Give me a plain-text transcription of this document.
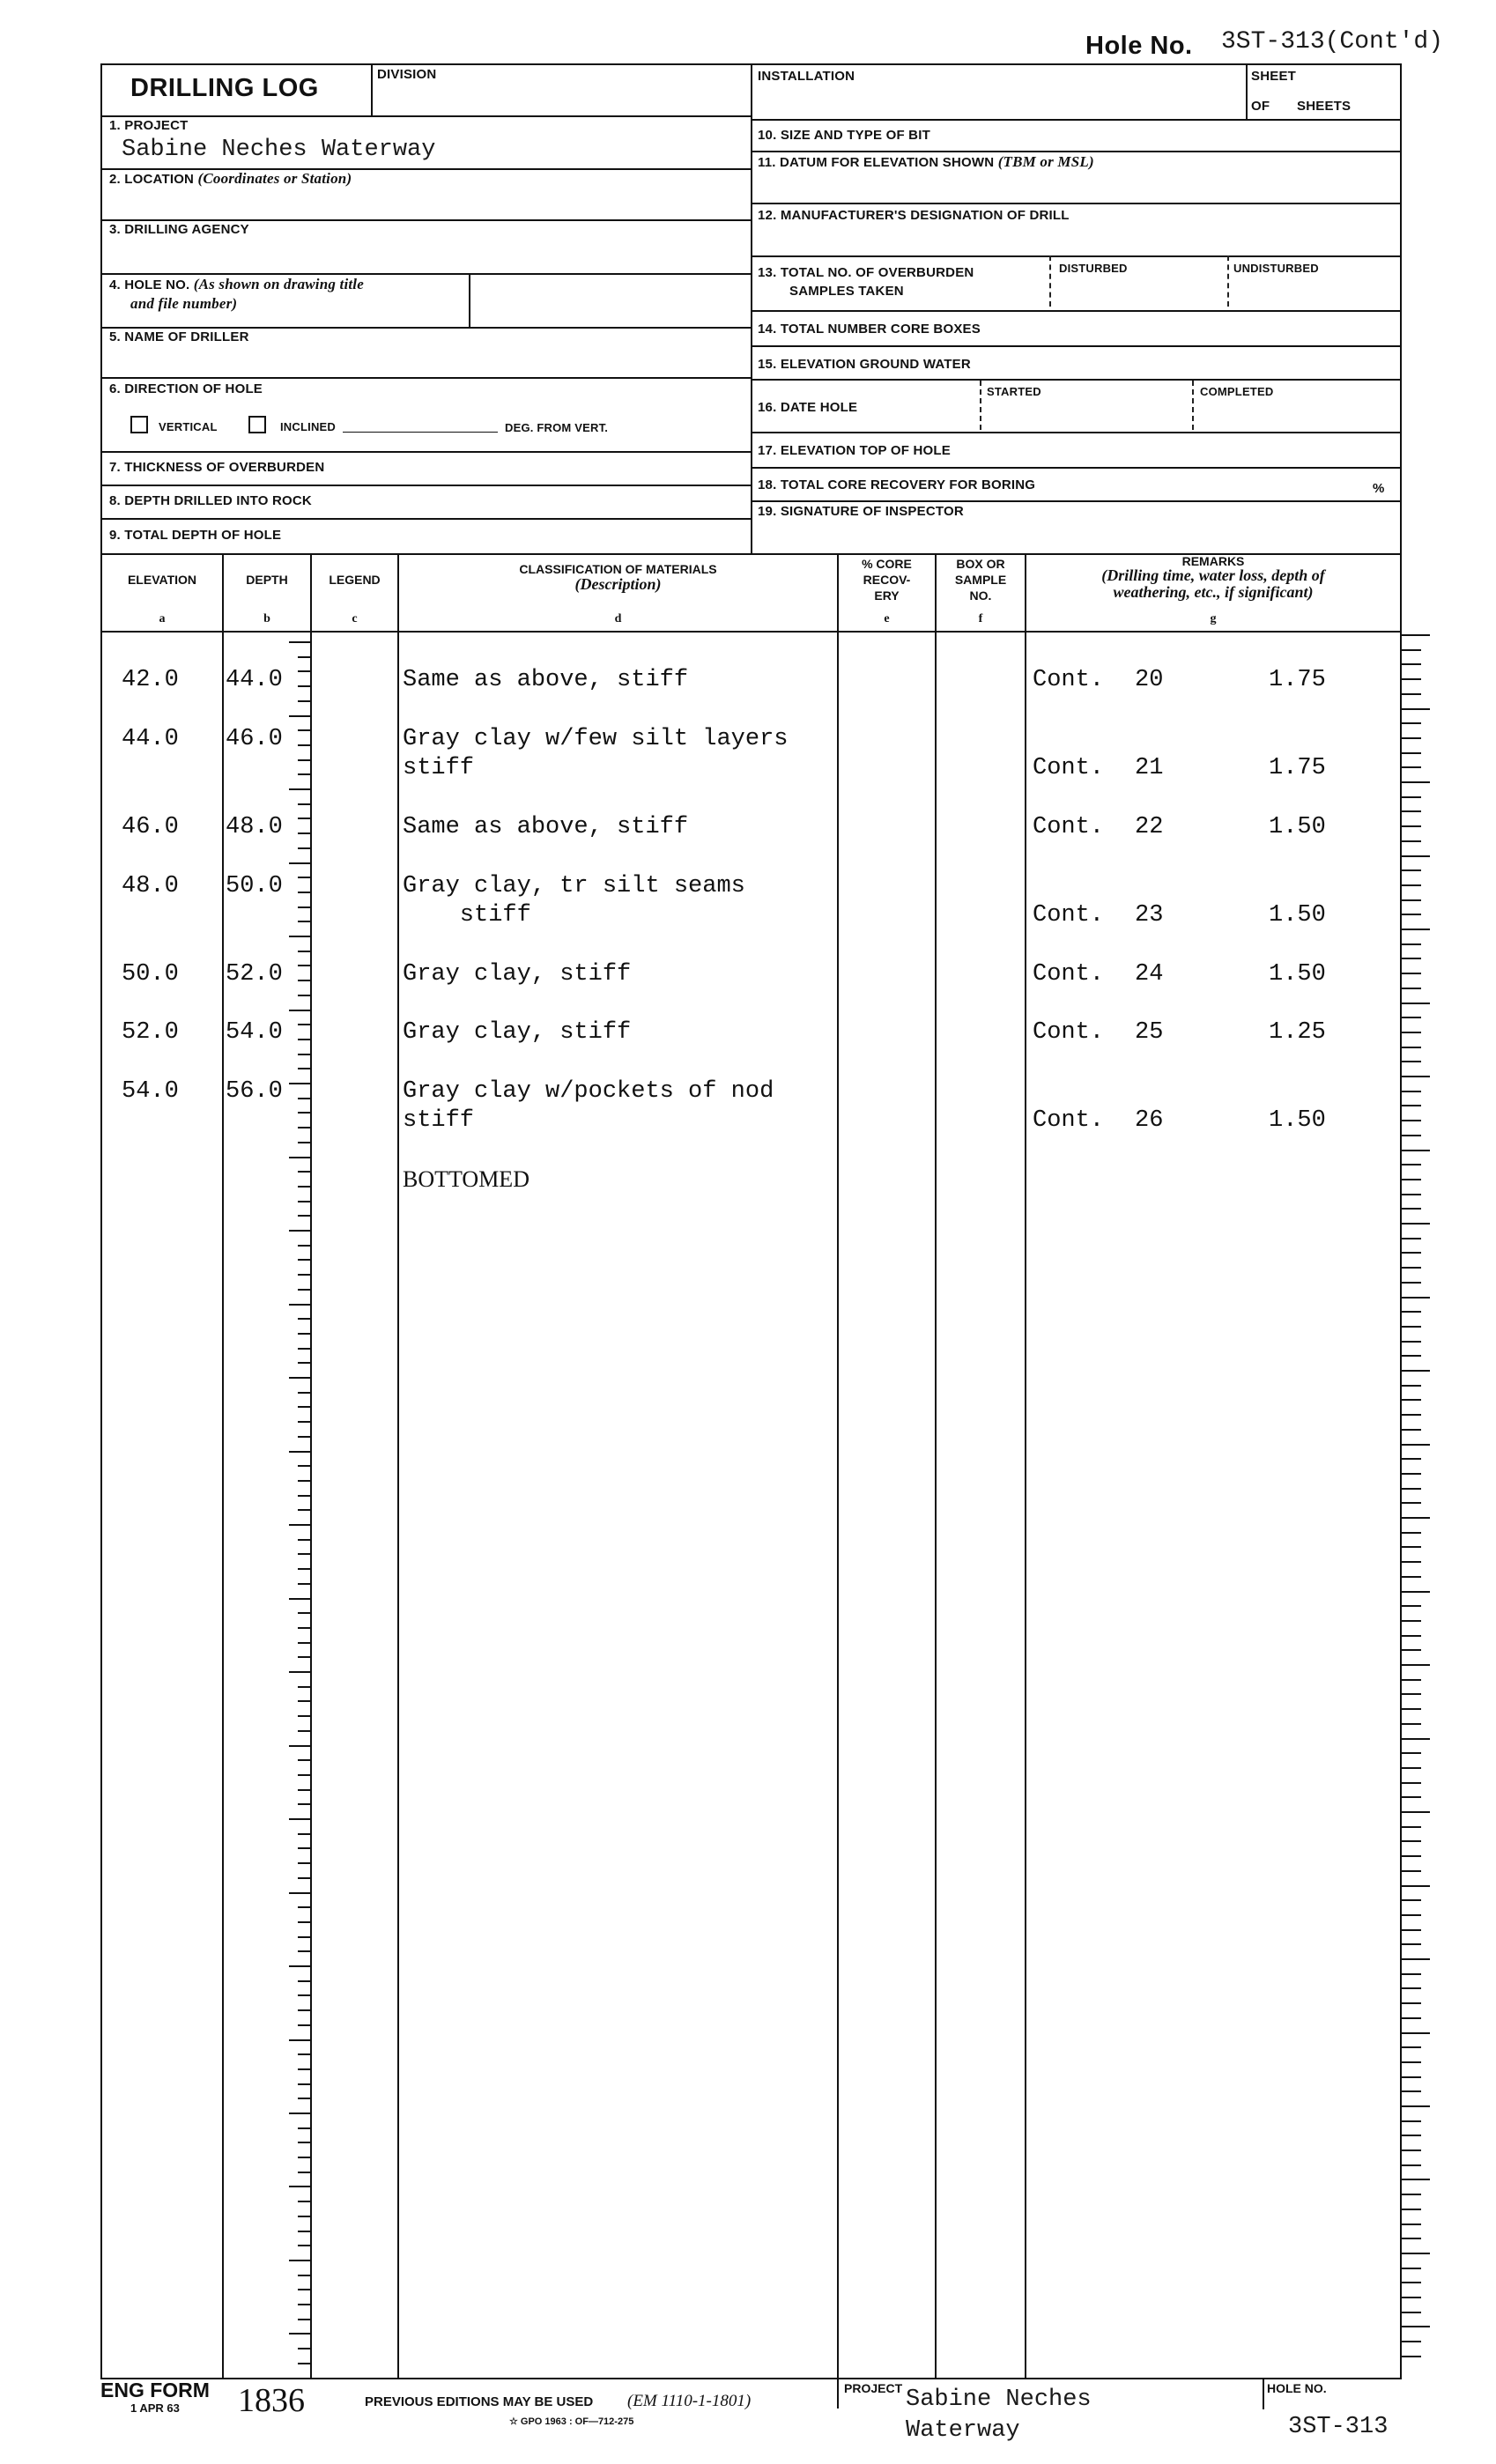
Hole No. 3ST-313(Cont'd)
DRILLING LOG	DIVISION	INSTALLATION	SHEET
OF SHEETS
1. PROJECT
Sabine Neches Waterway
2. LOCATION (Coordinates or Station)
3. DRILLING AGENCY
4. HOLE NO. (As shown on drawing title
and file number)
5. NAME OF DRILLER
6. DIRECTION OF HOLE
VERTICAL	INCLINED	DEG. FROM VERT.
7. THICKNESS OF OVERBURDEN
8. DEPTH DRILLED INTO ROCK
9. TOTAL DEPTH OF HOLE
10. SIZE AND TYPE OF BIT
11. DATUM FOR ELEVATION SHOWN (TBM or MSL)
12. MANUFACTURER'S DESIGNATION OF DRILL
13. TOTAL NO. OF OVERBURDEN
SAMPLES TAKEN
DISTURBED	UNDISTURBED
14. TOTAL NUMBER CORE BOXES
15. ELEVATION GROUND WATER
16. DATE HOLE
STARTED	COMPLETED
17. ELEVATION TOP OF HOLE
18. TOTAL CORE RECOVERY FOR BORING	%
19. SIGNATURE OF INSPECTOR
ELEVATION	DEPTH	LEGEND
CLASSIFICATION OF MATERIALS
(Description)
% CORE
RECOV-
ERY
BOX OR
SAMPLE
NO.
REMARKS
(Drilling time, water loss, depth of
weathering, etc., if significant)
a	b	c	d	e	f	g
42.0 44.0	Same as above, stiff	Cont. 20	1.75
44.0 46.0	Gray clay w/few silt layers
stiff	Cont. 21	1.75
46.0 48.0	Same as above, stiff	Cont. 22	1.50
48.0 50.0	Gray clay, tr silt seams
stiff	Cont. 23	1.50
50.0 52.0	Gray clay, stiff	Cont. 24	1.50
52.0 54.0	Gray clay, stiff	Cont. 25	1.25
54.0 56.0	Gray clay w/pockets of nod
stiff	Cont. 26	1.50
BOTTOMED
ENG FORM
1 APR 63 1836	PREVIOUS EDITIONS MAY BE USED (EM 1110-1-1801)
☆ GPO 1963 : OF—712-275
PROJECT Sabine Neches
Waterway
HOLE NO.
3ST-313
